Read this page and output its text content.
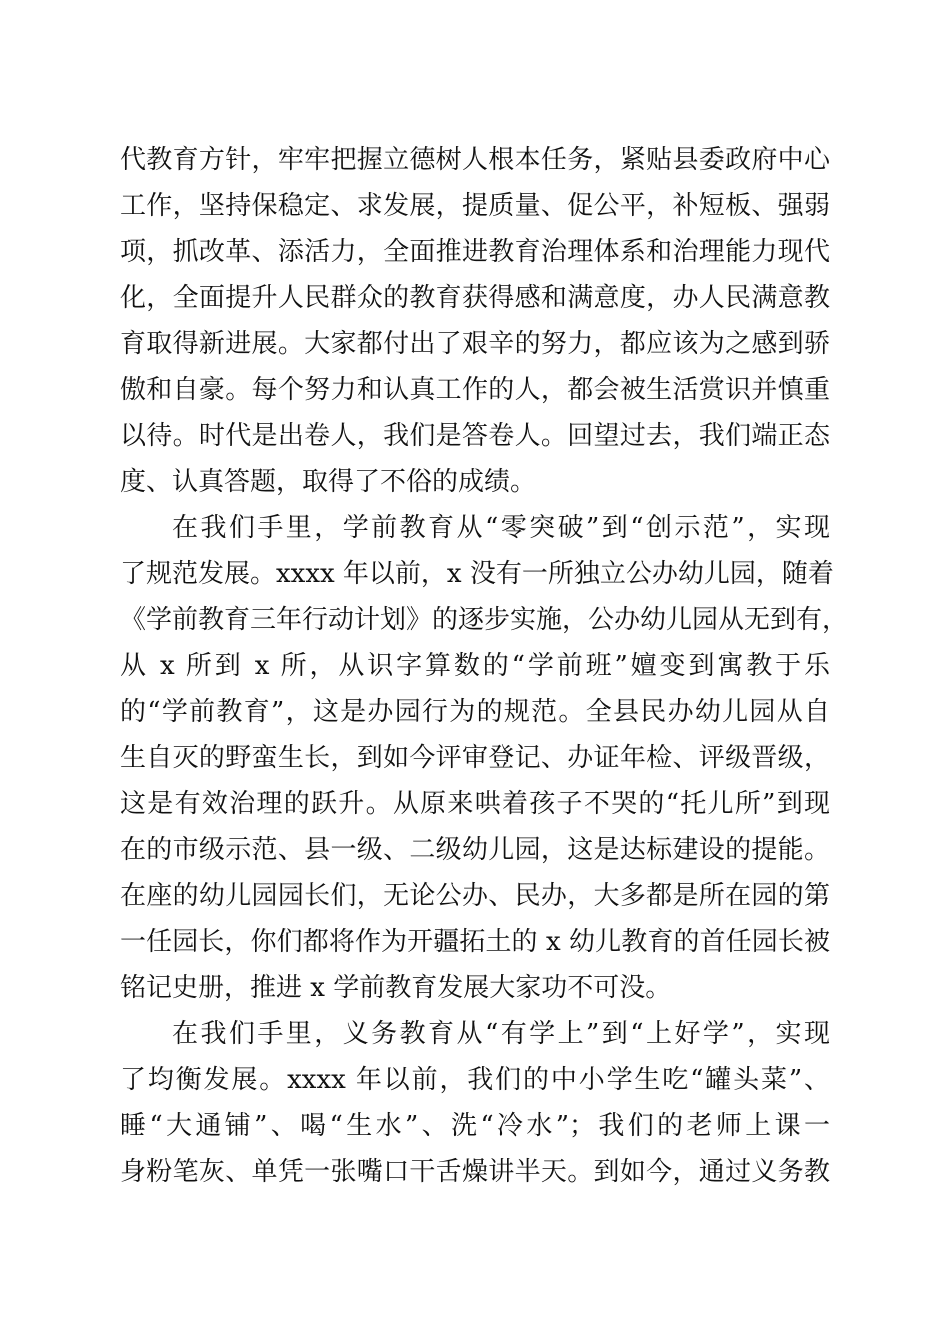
代教育方针，牢牢把握立德树人根本任务，紧贴县委政府中心
工作，坚持保稳定、求发展，提质量、促公平，补短板、强弱
项，抓改革、添活力，全面推进教育治理体系和治理能力现代
化，全面提升人民群众的教育获得感和满意度，办人民满意教
育取得新进展。大家都付出了艰辛的努力，都应该为之感到骄
傲和自豪。每个努力和认真工作的人，都会被生活赏识并慎重
以待。时代是出卷人，我们是答卷人。回望过去，我们端正态
度、认真答题，取得了不俗的成绩。
在我们手里，学前教育从“零突破”到“创示范”，实现
了规范发展。xxxx 年以前，x 没有一所独立公办幼儿园，随着
《学前教育三年行动计划》的逐步实施，公办幼儿园从无到有，
从 x 所到 x 所，从识字算数的“学前班”嬗变到寓教于乐
的“学前教育”，这是办园行为的规范。全县民办幼儿园从自
生自灭的野蛮生长，到如今评审登记、办证年检、评级晋级，
这是有效治理的跃升。从原来哄着孩子不哭的“托儿所”到现
在的市级示范、县一级、二级幼儿园，这是达标建设的提能。
在座的幼儿园园长们，无论公办、民办，大多都是所在园的第
一任园长，你们都将作为开疆拓土的 x 幼儿教育的首任园长被
铭记史册，推进 x 学前教育发展大家功不可没。
在我们手里，义务教育从“有学上”到“上好学”，实现
了均衡发展。xxxx 年以前，我们的中小学生吃“罐头菜”、
睡“大通铺”、喝“生水”、洗“冷水”；我们的老师上课一
身粉笔灰、单凭一张嘴口干舌燥讲半天。到如今，通过义务教
